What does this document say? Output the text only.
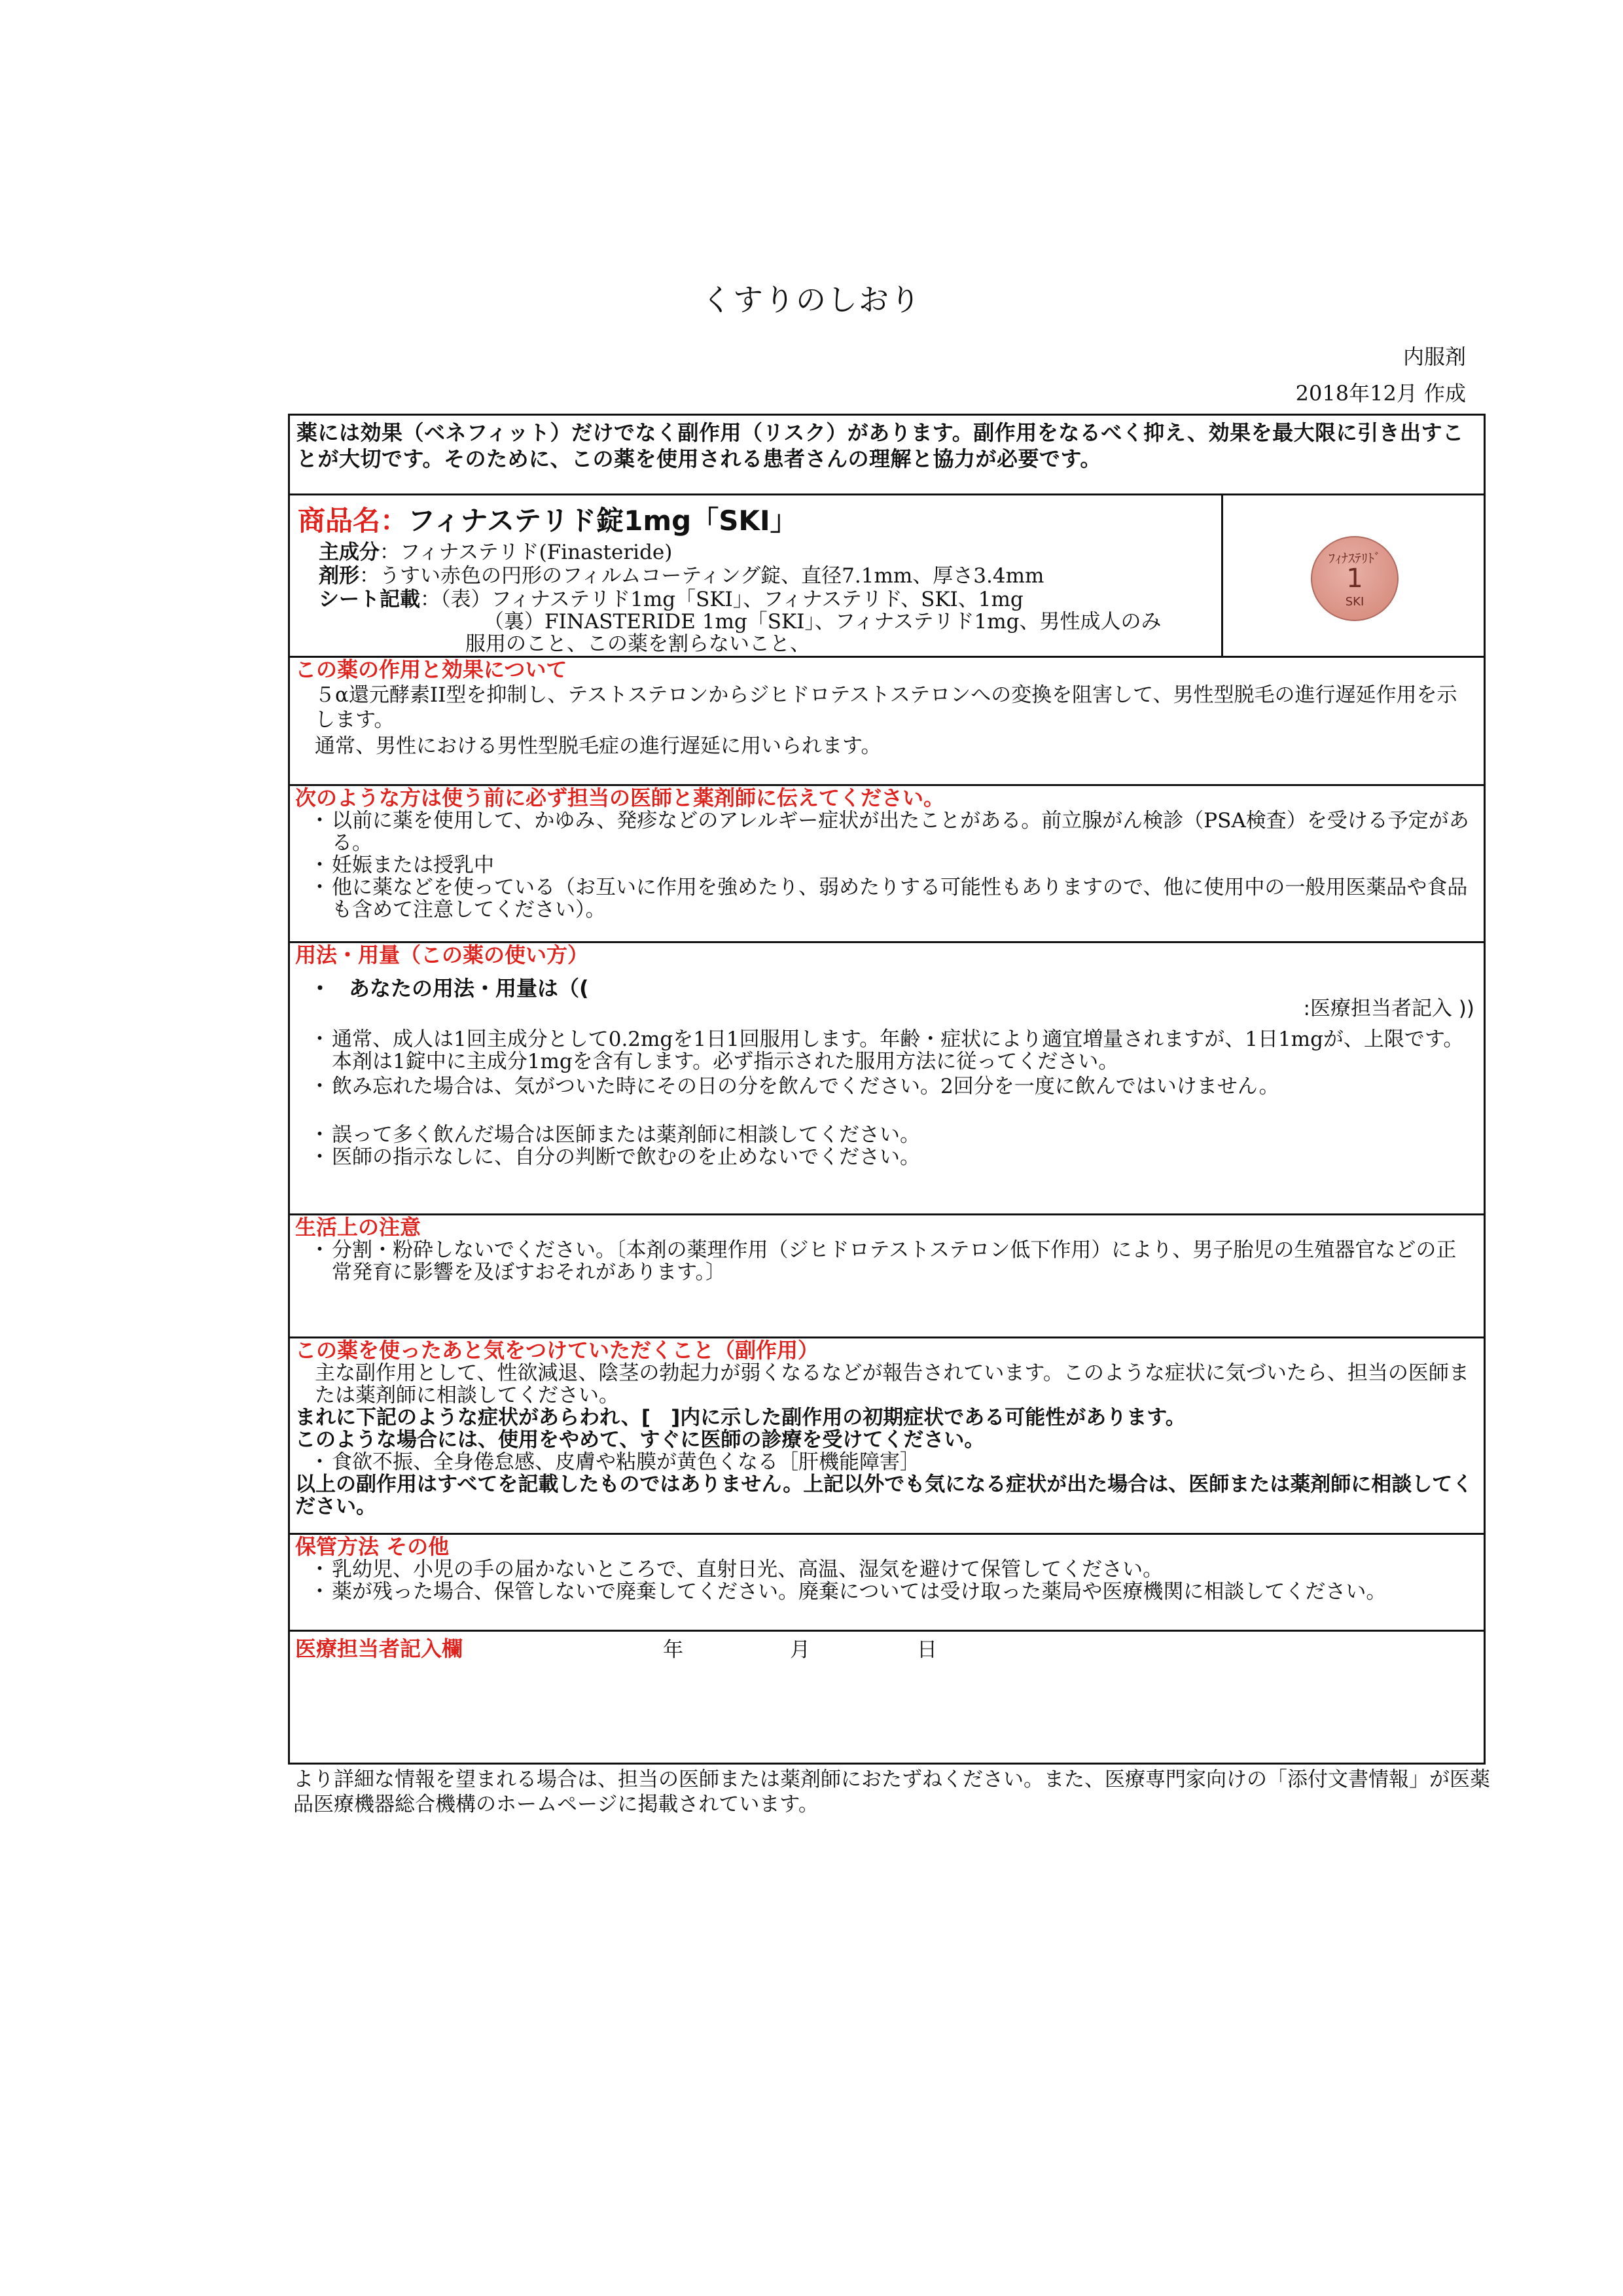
くすりのしおり
内服剤
2018年12月 作成
薬には効果（ベネフィット）だけでなく副作用（リスク）があります。副作用をなるべく抑え、効果を最大限に引き出すことが大切です。そのために、この薬を使用される患者さんの理解と協力が必要です。
商品名：フィナステリド錠1mg「SKI」
主成分：フィナステリド(Finasteride)
剤形：うすい赤色の円形のフィルムコーティング錠、直径7.1mm、厚さ3.4mm
シート記載：（表）フィナステリド1mg「SKI」、フィナステリド、SKI、1mg
（裏）FINASTERIDE 1mg「SKI」、フィナステリド1mg、男性成人のみ
服用のこと、この薬を割らないこと、
ﾌｨﾅｽﾃﾘﾄﾞ
1
SKI
この薬の作用と効果について
５α還元酵素II型を抑制し、テストステロンからジヒドロテストステロンへの変換を阻害して、男性型脱毛の進行遅延作用を示します。
通常、男性における男性型脱毛症の進行遅延に用いられます。
次のような方は使う前に必ず担当の医師と薬剤師に伝えてください。
・ 以前に薬を使用して、かゆみ、発疹などのアレルギー症状が出たことがある。前立腺がん検診（PSA検査）を受ける予定がある。
・ 妊娠または授乳中
・ 他に薬などを使っている（お互いに作用を強めたり、弱めたりする可能性もありますので、他に使用中の一般用医薬品や食品も含めて注意してください）。
用法・用量（この薬の使い方）
・ あなたの用法・用量は（(
:医療担当者記入 ))
・ 通常、成人は1回主成分として0.2mgを1日1回服用します。年齢・症状により適宜増量されますが、1日1mgが、上限です。本剤は1錠中に主成分1mgを含有します。必ず指示された服用方法に従ってください。
・ 飲み忘れた場合は、気がついた時にその日の分を飲んでください。2回分を一度に飲んではいけません。
・ 誤って多く飲んだ場合は医師または薬剤師に相談してください。
・ 医師の指示なしに、自分の判断で飲むのを止めないでください。
生活上の注意
・ 分割・粉砕しないでください。〔本剤の薬理作用（ジヒドロテストステロン低下作用）により、男子胎児の生殖器官などの正常発育に影響を及ぼすおそれがあります。〕
この薬を使ったあと気をつけていただくこと（副作用）
主な副作用として、性欲減退、陰茎の勃起力が弱くなるなどが報告されています。このような症状に気づいたら、担当の医師または薬剤師に相談してください。
まれに下記のような症状があらわれ、[　]内に示した副作用の初期症状である可能性があります。
このような場合には、使用をやめて、すぐに医師の診療を受けてください。
・ 食欲不振、全身倦怠感、皮膚や粘膜が黄色くなる［肝機能障害］
以上の副作用はすべてを記載したものではありません。上記以外でも気になる症状が出た場合は、医師または薬剤師に相談してください。
保管方法 その他
・ 乳幼児、小児の手の届かないところで、直射日光、高温、湿気を避けて保管してください。
・ 薬が残った場合、保管しないで廃棄してください。廃棄については受け取った薬局や医療機関に相談してください。
医療担当者記入欄	年	月	日
より詳細な情報を望まれる場合は、担当の医師または薬剤師におたずねください。また、医療専門家向けの「添付文書情報」が医薬品医療機器総合機構のホームページに掲載されています。
